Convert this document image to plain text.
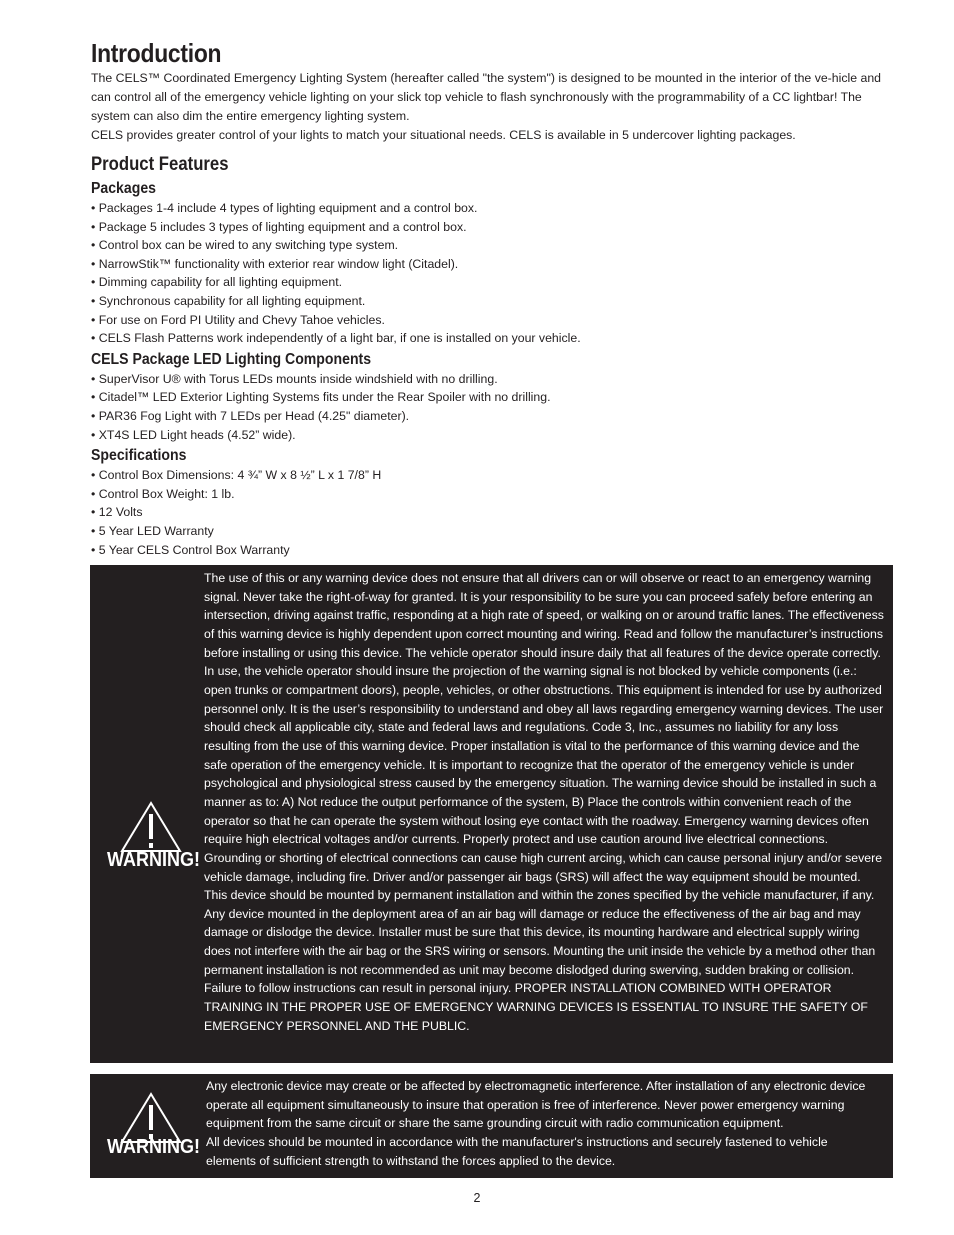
Introduction

The CELS™ Coordinated Emergency Lighting System (hereafter called "the system") is designed to be mounted in the interior of the ve-hicle and can control all of the emergency vehicle lighting on your slick top vehicle to flash synchronously with the programmability of a CC lightbar! The system can also dim the entire emergency lighting system.

CELS provides greater control of your lights to match your situational needs. CELS is available in 5 undercover lighting packages.

Product Features
Packages
• Packages 1-4 include 4 types of lighting equipment and a control box.
• Package 5 includes 3 types of lighting equipment and a control box.
• Control box can be wired to any switching type system.
• NarrowStik™ functionality with exterior rear window light (Citadel).
• Dimming capability for all lighting equipment.
• Synchronous capability for all lighting equipment.
• For use on Ford PI Utility and Chevy Tahoe vehicles.
• CELS Flash Patterns work independently of a light bar, if one is installed on your vehicle.
CELS Package LED Lighting Components
• SuperVisor U® with Torus LEDs mounts inside windshield with no drilling.
• Citadel™ LED Exterior Lighting Systems fits under the Rear Spoiler with no drilling.
• PAR36 Fog Light with 7 LEDs per Head (4.25" diameter).
• XT4S LED Light heads (4.52” wide).
Specifications
• Control Box Dimensions: 4 ¾” W x 8 ½” L x 1 7/8” H
• Control Box Weight: 1 lb.
• 12 Volts
• 5 Year LED Warranty
• 5 Year CELS Control Box Warranty
WARNING!

The use of this or any warning device does not ensure that all drivers can or will observe or react to an emergency warning signal. Never take the right-of-way for granted. It is your responsibility to be sure you can proceed safely before entering an intersection, driving against traffic, responding at a high rate of speed, or walking on or around traffic lanes. The effectiveness of this warning device is highly dependent upon correct mounting and wiring. Read and follow the manufacturer’s instructions before installing or using this device. The vehicle operator should insure daily that all features of the device operate correctly. In use, the vehicle operator should insure the projection of the warning signal is not blocked by vehicle components (i.e.: open trunks or compartment doors), people, vehicles, or other obstructions. This equipment is intended for use by authorized personnel only. It is the user’s responsibility to understand and obey all laws regarding emergency warning devices. The user should check all applicable city, state and federal laws and regulations. Code 3, Inc., assumes no liability for any loss resulting from the use of this warning device. Proper installation is vital to the performance of this warning device and the safe operation of the emergency vehicle. It is important to recognize that the operator of the emergency vehicle is under psychological and physiological stress caused by the emergency situation. The warning device should be installed in such a manner as to: A) Not reduce the output performance of the system, B) Place the controls within convenient reach of the operator so that he can operate the system without losing eye contact with the roadway. Emergency warning devices often require high electrical voltages and/or currents. Properly protect and use caution around live electrical connections. Grounding or shorting of electrical connections can cause high current arcing, which can cause personal injury and/or severe vehicle damage, including fire. Driver and/or passenger air bags (SRS) will affect the way equipment should be mounted. This device should be mounted by permanent installation and within the zones specified by the vehicle manufacturer, if any. Any device mounted in the deployment area of an air bag will damage or reduce the effectiveness of the air bag and may damage or dislodge the device. Installer must be sure that this device, its mounting hardware and electrical supply wiring does not interfere with the air bag or the SRS wiring or sensors. Mounting the unit inside the vehicle by a method other than permanent installation is not recommended as unit may become dislodged during swerving, sudden braking or collision. Failure to follow instructions can result in personal injury. PROPER INSTALLATION COMBINED WITH OPERATOR TRAINING IN THE PROPER USE OF EMERGENCY WARNING DEVICES IS ESSENTIAL TO INSURE THE SAFETY OF EMERGENCY PERSONNEL AND THE PUBLIC.

WARNING!

Any electronic device may create or be affected by electromagnetic interference. After installation of any electronic device operate all equipment simultaneously to insure that operation is free of interference. Never power emergency warning equipment from the same circuit or share the same grounding circuit with radio communication equipment.

All devices should be mounted in accordance with the manufacturer's instructions and securely fastened to vehicle elements of sufficient strength to withstand the forces applied to the device.

2
